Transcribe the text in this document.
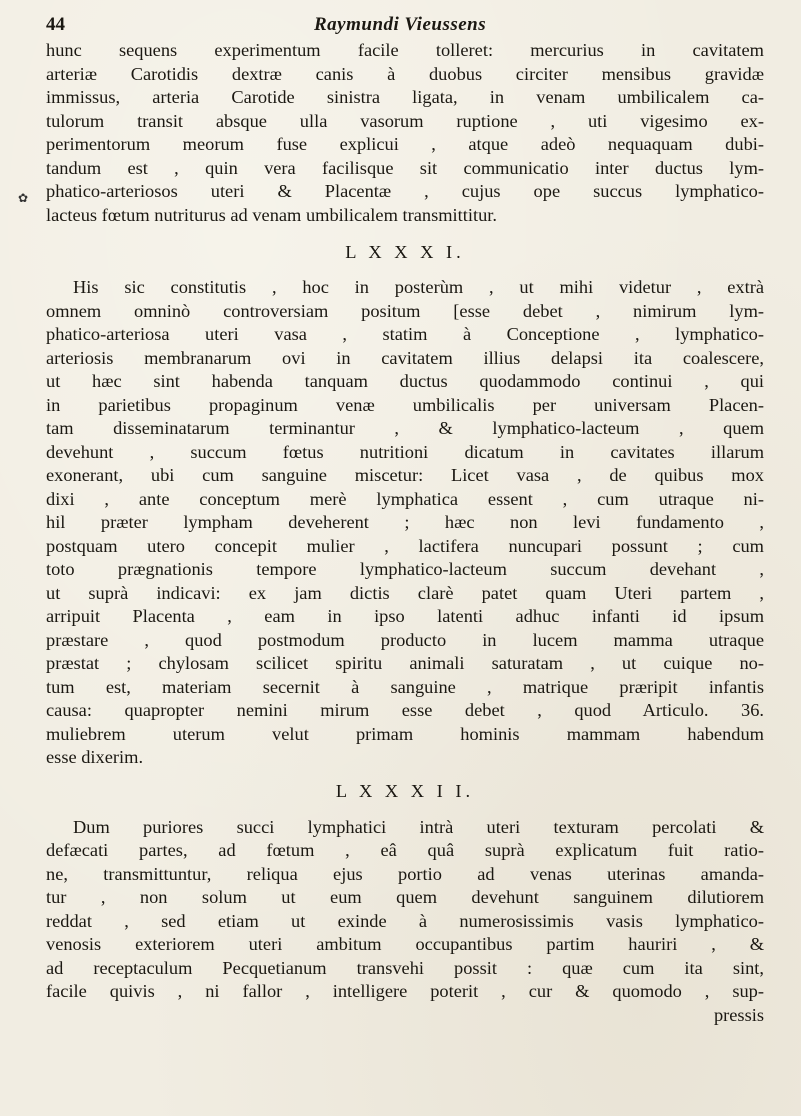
44	Raymundi Vieussens
✿
hunc sequens experimentum facile tolleret: mercurius in cavitatem
arteriæ Carotidis dextræ canis à duobus circiter mensibus gravidæ
immissus, arteria Carotide sinistra ligata, in venam umbilicalem ca-
tulorum transit absque ulla vasorum ruptione , uti vigesimo ex-
perimentorum meorum fuse explicui , atque adeò nequaquam dubi-
tandum est , quin vera facilisque sit communicatio inter ductus lym-
phatico-arteriosos uteri & Placentæ , cujus ope succus lymphatico-
lacteus fœtum nutriturus ad venam umbilicalem transmittitur.
L X X X I.
His sic constitutis , hoc in posterùm , ut mihi videtur , extrà
omnem omninò controversiam positum [esse debet , nimirum lym-
phatico-arteriosa uteri vasa , statim à Conceptione , lymphatico-
arteriosis membranarum ovi in cavitatem illius delapsi ita coalescere,
ut hæc sint habenda tanquam ductus quodammodo continui , qui
in parietibus propaginum venæ umbilicalis per universam Placen-
tam disseminatarum terminantur , & lymphatico-lacteum , quem
devehunt , succum fœtus nutritioni dicatum in cavitates illarum
exonerant, ubi cum sanguine miscetur: Licet vasa , de quibus mox
dixi , ante conceptum merè lymphatica essent , cum utraque ni-
hil præter lympham deveherent ; hæc non levi fundamento ,
postquam utero concepit mulier , lactifera nuncupari possunt ; cum
toto prægnationis tempore lymphatico-lacteum succum devehant ,
ut suprà indicavi: ex jam dictis clarè patet quam Uteri partem ,
arripuit Placenta , eam in ipso latenti adhuc infanti id ipsum
præstare , quod postmodum producto in lucem mamma utraque
præstat ; chylosam scilicet spiritu animali saturatam , ut cuique no-
tum est, materiam secernit à sanguine , matrique præripit infantis
causa: quapropter nemini mirum esse debet , quod Articulo. 36.
muliebrem uterum velut primam hominis mammam habendum
esse dixerim.
L X X X I I.
Dum puriores succi lymphatici intrà uteri texturam percolati &
defæcati partes, ad fœtum , eâ quâ suprà explicatum fuit ratio-
ne, transmittuntur, reliqua ejus portio ad venas uterinas amanda-
tur , non solum ut eum quem devehunt sanguinem dilutiorem
reddat , sed etiam ut exinde à numerosissimis vasis lymphatico-
venosis exteriorem uteri ambitum occupantibus partim hauriri , &
ad receptaculum Pecquetianum transvehi possit : quæ cum ita sint,
facile quivis , ni fallor , intelligere poterit , cur & quomodo , sup-
pressis
